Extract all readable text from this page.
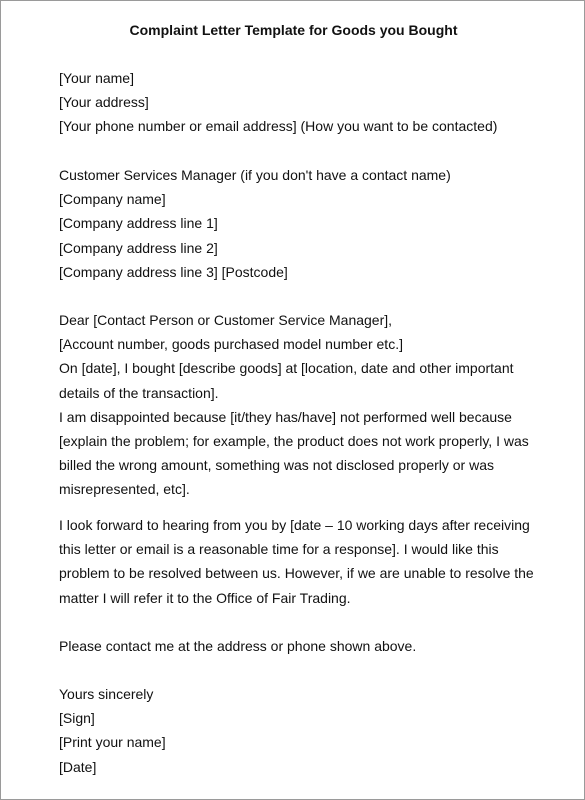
Complaint Letter Template for Goods you Bought
[Your name]
[Your address]
[Your phone number or email address] (How you want to be contacted)
Customer Services Manager (if you don't have a contact name)
[Company name]
[Company address line 1]
[Company address line 2]
[Company address line 3] [Postcode]
Dear [Contact Person or Customer Service Manager],
[Account number, goods purchased model number etc.]
On [date], I bought [describe goods] at [location, date and other important
details of the transaction].
I am disappointed because [it/they has/have] not performed well because
[explain the problem; for example, the product does not work properly, I was
billed the wrong amount, something was not disclosed properly or was
misrepresented, etc].
I look forward to hearing from you by [date – 10 working days after receiving
this letter or email is a reasonable time for a response]. I would like this
problem to be resolved between us. However, if we are unable to resolve the
matter I will refer it to the Office of Fair Trading.
Please contact me at the address or phone shown above.
Yours sincerely
[Sign]
[Print your name]
[Date]
